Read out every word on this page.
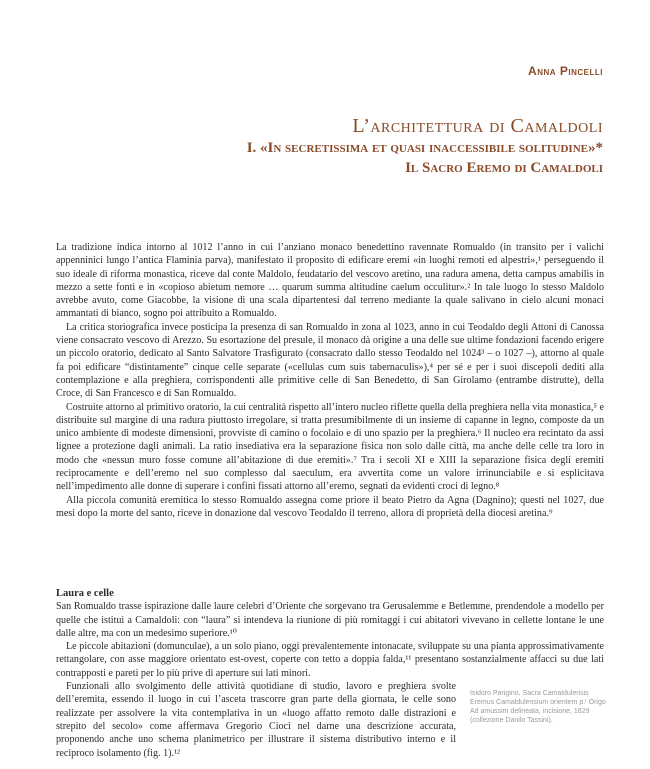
Anna Pincelli
L’architettura di Camaldoli
I. «In secretissima et quasi inaccessibile solitudine»*
Il Sacro Eremo di Camaldoli

La tradizione indica intorno al 1012 l’anno in cui l’anziano monaco benedettino ravennate Romualdo (in transito per i valichi appenninici lungo l’antica Flaminia parva), manifestato il proposito di edificare eremi «in luoghi remoti ed alpestri»,¹ perseguendo il suo ideale di riforma monastica, riceve dal conte Maldolo, feudatario del vescovo aretino, una radura amena, detta campus amabilis in mezzo a sette fonti e in «copioso abietum nemore … quarum summa altitudine caelum occulitur».² In tale luogo lo stesso Maldolo avrebbe avuto, come Giacobbe, la visione di una scala dipartentesi dal terreno mediante la quale salivano in cielo alcuni monaci ammantati di bianco, sogno poi attribuito a Romualdo.

La critica storiografica invece posticipa la presenza di san Romualdo in zona al 1023, anno in cui Teodaldo degli Attoni di Canossa viene consacrato vescovo di Arezzo. Su esortazione del presule, il monaco dà origine a una delle sue ultime fondazioni facendo erigere un piccolo oratorio, dedicato al Santo Salvatore Trasfigurato (consacrato dallo stesso Teodaldo nel 1024³ – o 1027 –), attorno al quale fa poi edificare “distintamente” cinque celle separate («cellulas cum suis tabernaculis»),⁴ per sé e per i suoi discepoli dediti alla contemplazione e alla preghiera, corrispondenti alle primitive celle di San Benedetto, di San Girolamo (entrambe distrutte), della Croce, di San Francesco e di San Romualdo.

Costruite attorno al primitivo oratorio, la cui centralità rispetto all’intero nucleo riflette quella della preghiera nella vita monastica,⁵ e distribuite sul margine di una radura piuttosto irregolare, si tratta presumibilmente di un insieme di capanne in legno, composte da un unico ambiente di modeste dimensioni, provviste di camino o focolaio e di uno spazio per la preghiera.⁶ Il nucleo era recintato da assi lignee a protezione dagli animali. La ratio insediativa era la separazione fisica non solo dalle città, ma anche delle celle tra loro in modo che «nessun muro fosse comune all’abitazione di due eremiti».⁷ Tra i secoli XI e XIII la separazione fisica degli eremiti reciprocamente e dell’eremo nel suo complesso dal saeculum, era avvertita come un valore irrinunciabile e si esplicitava nell’impedimento alle donne di superare i confini fissati attorno all’eremo, segnati da evidenti croci di legno.⁸

Alla piccola comunità eremitica lo stesso Romualdo assegna come priore il beato Pietro da Agna (Dagnino); questi nel 1027, due mesi dopo la morte del santo, riceve in donazione dal vescovo Teodaldo il terreno, allora di proprietà della diocesi aretina.⁹

Laura e celle

San Romualdo trasse ispirazione dalle laure celebri d’Oriente che sorgevano tra Gerusalemme e Betlemme, prendendole a modello per quelle che istituì a Camaldoli: con “laura” si intendeva la riunione di più romitaggi i cui abitatori vivevano in cellette lontane le une dalle altre, ma con un medesimo superiore.¹⁰

Le piccole abitazioni (domunculae), a un solo piano, oggi prevalentemente intonacate, sviluppate su una pianta approssimativamente rettangolare, con asse maggiore orientato est-ovest, coperte con tetto a doppia falda,¹¹ presentano sostanzialmente affacci su due lati contrapposti e pareti per lo più prive di aperture sui lati minori.

Funzionali allo svolgimento delle attività quotidiane di studio, lavoro e preghiera svolte dell’eremita, essendo il luogo in cui l’asceta trascorre gran parte della giornata, le celle sono realizzate per assolvere la vita contemplativa in un «luogo affatto remoto dalle distrazioni e strepito del secolo» come affermava Gregorio Cioci nel darne una descrizione accurata, proponendo anche uno schema planimetrico per illustrare il sistema distributivo interno e il reciproco isolamento (fig. 1).¹²

Isidoro Parigino, Sacra Camaldulensis Eremus Camaldulensium orientem p.ᵗ Origo Ad amussim delineata, incisione, 1629 (collezione Danilo Tassini).
